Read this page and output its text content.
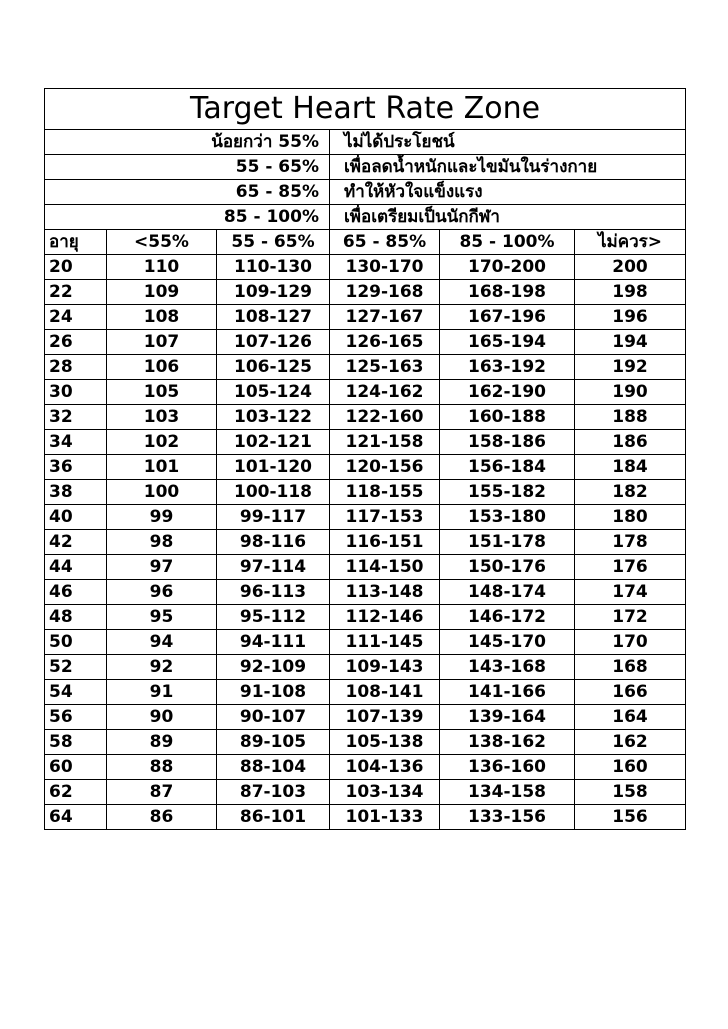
Target Heart Rate Zone					
น้อยกว่า 55%			ไม่ได้ประโยชน์		
55 - 65%			เพื่อลดน้ำหนักและไขมันในร่างกาย		
65 - 85%			ทำให้หัวใจแข็งแรง		
85 - 100%			เพื่อเตรียมเป็นนักกีฬา		
อายุ	<55%	55 - 65%	65 - 85%	85 - 100%	ไม่ควร>
20	110	110-130	130-170	170-200	200
22	109	109-129	129-168	168-198	198
24	108	108-127	127-167	167-196	196
26	107	107-126	126-165	165-194	194
28	106	106-125	125-163	163-192	192
30	105	105-124	124-162	162-190	190
32	103	103-122	122-160	160-188	188
34	102	102-121	121-158	158-186	186
36	101	101-120	120-156	156-184	184
38	100	100-118	118-155	155-182	182
40	99	99-117	117-153	153-180	180
42	98	98-116	116-151	151-178	178
44	97	97-114	114-150	150-176	176
46	96	96-113	113-148	148-174	174
48	95	95-112	112-146	146-172	172
50	94	94-111	111-145	145-170	170
52	92	92-109	109-143	143-168	168
54	91	91-108	108-141	141-166	166
56	90	90-107	107-139	139-164	164
58	89	89-105	105-138	138-162	162
60	88	88-104	104-136	136-160	160
62	87	87-103	103-134	134-158	158
64	86	86-101	101-133	133-156	156
